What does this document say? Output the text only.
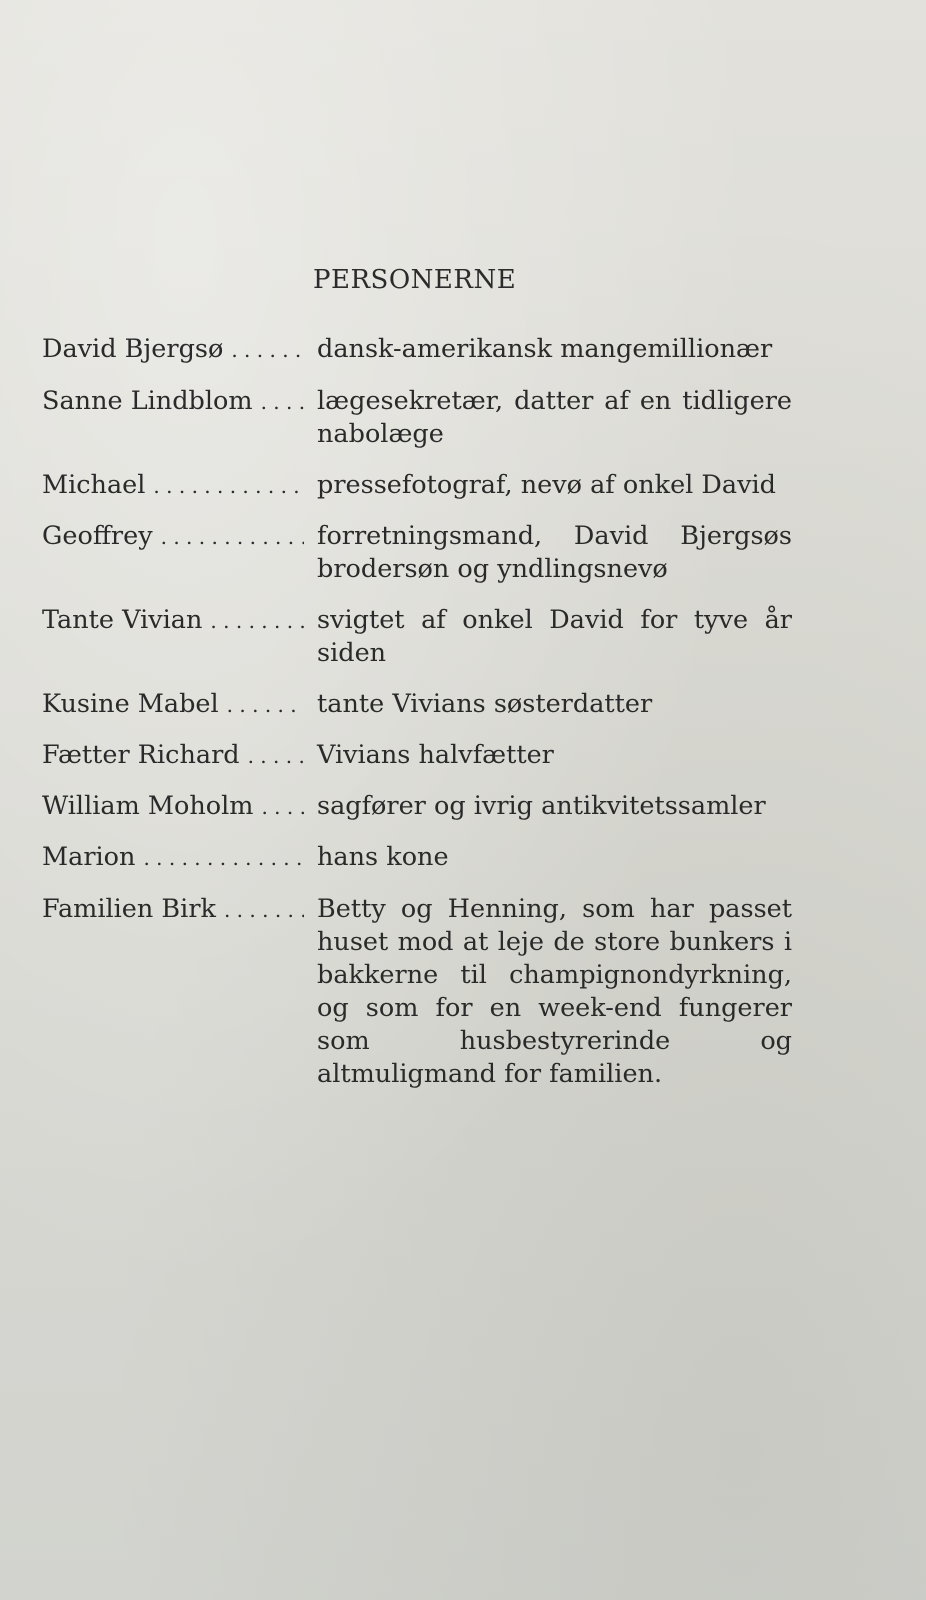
PERSONERNE
David Bjergsø . . .	dansk-amerikansk mangemillionær
Sanne Lindblom . . .	lægesekretær, datter af en tidligere nabolæge
Michael . . .	pressefotograf, nevø af onkel David
Geoffrey . . .	forretningsmand, David Bjergsøs brodersøn og yndlingsnevø
Tante Vivian . . .	svigtet af onkel David for tyve år siden
Kusine Mabel . . .	tante Vivians søsterdatter
Fætter Richard . . .	Vivians halvfætter
William Moholm . . .	sagfører og ivrig antikvitetssamler
Marion . . .	hans kone
Familien Birk . . .	Betty og Henning, som har passet huset mod at leje de store bunkers i bakkerne til champignondyrkning, og som for en week-end fungerer som husbestyrerinde og altmuligmand for familien.
